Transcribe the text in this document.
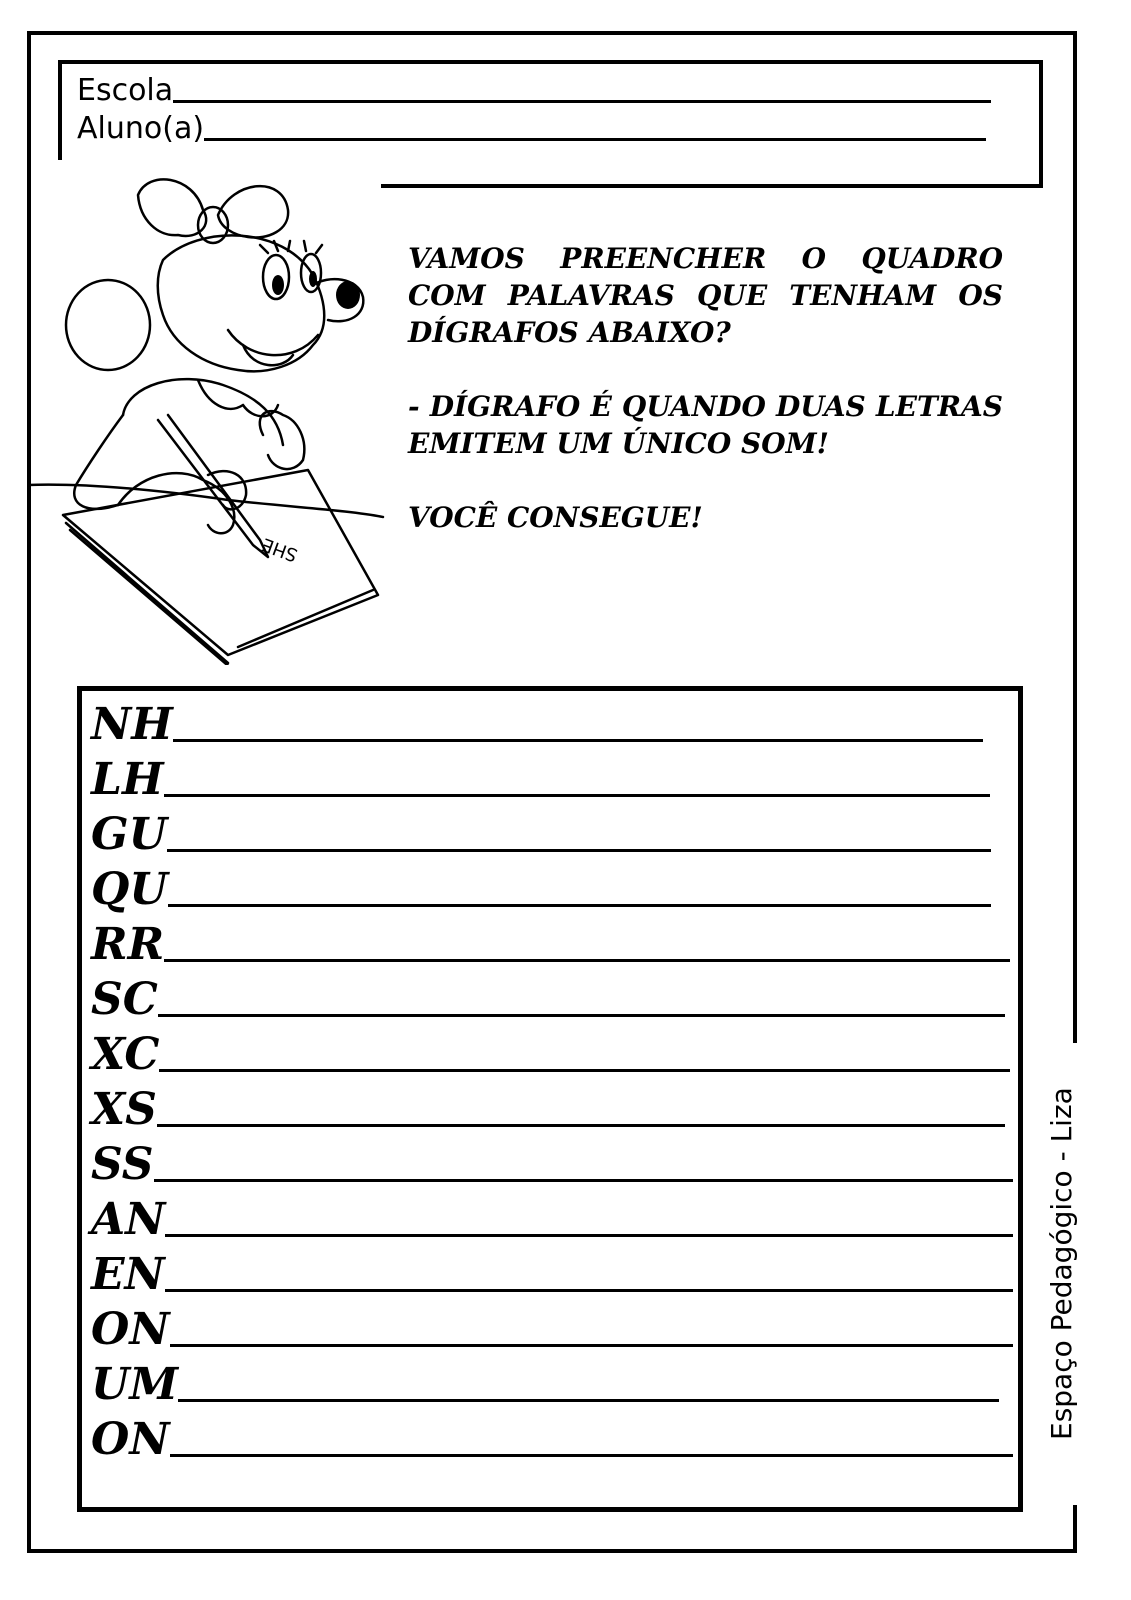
Escola
Aluno(a)
SHE

VAMOS PREENCHER O QUADRO COM PALAVRAS QUE TENHAM OS DÍGRAFOS ABAIXO?

- DÍGRAFO É QUANDO DUAS LETRAS EMITEM UM ÚNICO SOM!

VOCÊ CONSEGUE!

NH
LH
GU
QU
RR
SC
XC
XS
SS
AN
EN
ON
UM
ON	Espaço Pedagógico - Liza
